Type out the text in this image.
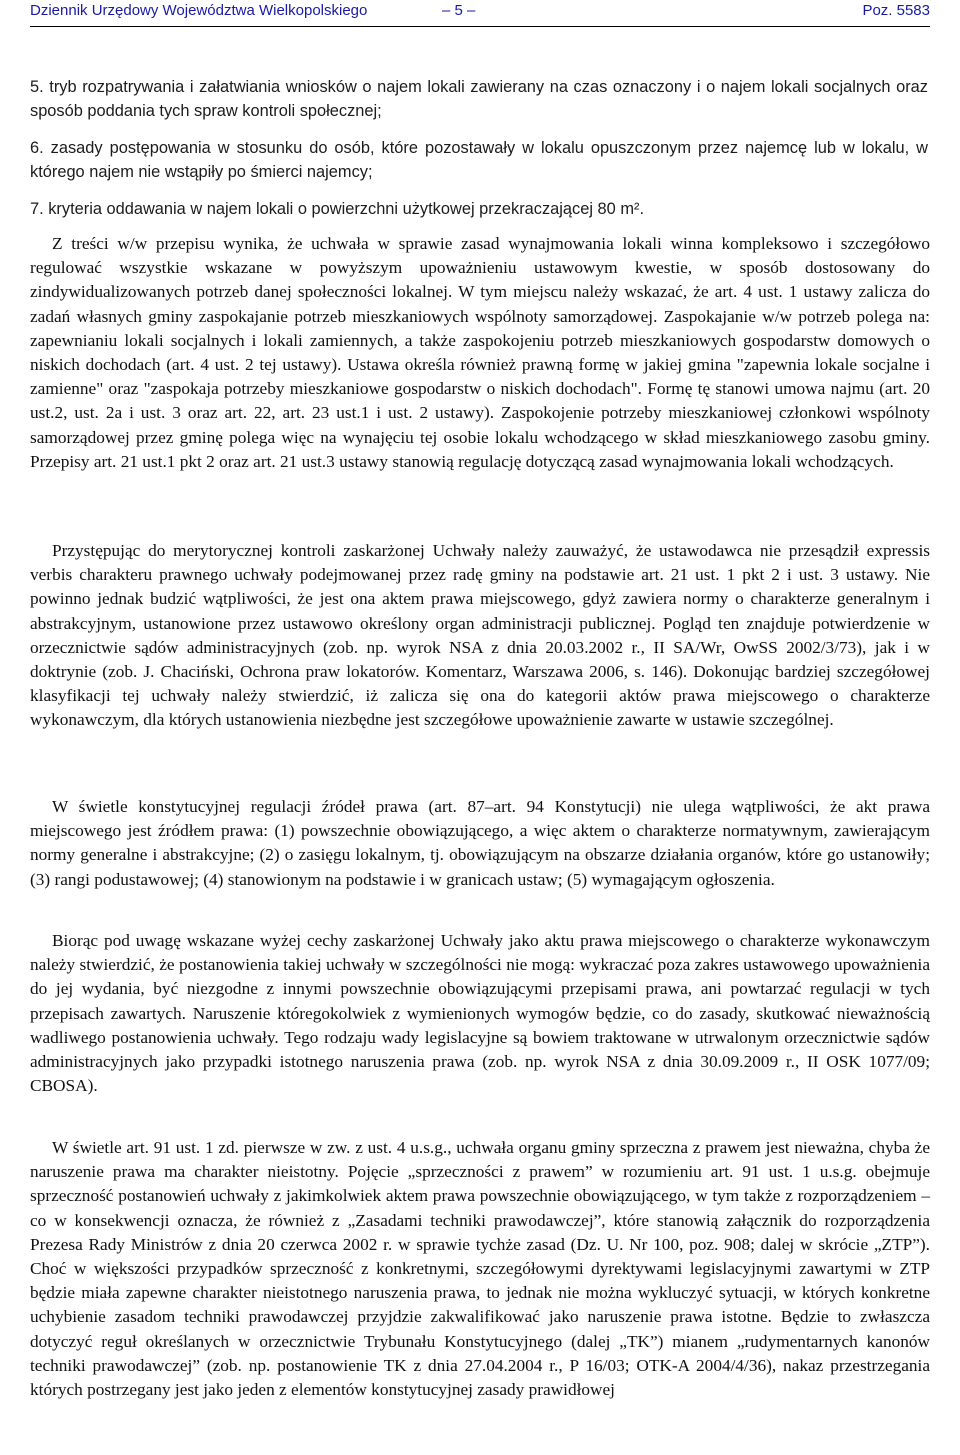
Dziennik Urzędowy Województwa Wielkopolskiego	– 5 –	Poz. 5583

5. tryb rozpatrywania i załatwiania wniosków o najem lokali zawierany na czas oznaczony i o najem lokali socjalnych oraz sposób poddania tych spraw kontroli społecznej;

6. zasady postępowania w stosunku do osób, które pozostawały w lokalu opuszczonym przez najemcę lub w lokalu, w którego najem nie wstąpiły po śmierci najemcy;

7. kryteria oddawania w najem lokali o powierzchni użytkowej przekraczającej 80 m².

Z treści w/w przepisu wynika, że uchwała w sprawie zasad wynajmowania lokali winna kompleksowo i szczegółowo regulować wszystkie wskazane w powyższym upoważnieniu ustawowym kwestie, w sposób dostosowany do zindywidualizowanych potrzeb danej społeczności lokalnej. W tym miejscu należy wskazać, że art. 4 ust. 1 ustawy zalicza do zadań własnych gminy zaspokajanie potrzeb mieszkaniowych wspólnoty samorządowej. Zaspokajanie w/w potrzeb polega na: zapewnianiu lokali socjalnych i lokali zamiennych, a także zaspokojeniu potrzeb mieszkaniowych gospodarstw domowych o niskich dochodach (art. 4 ust. 2 tej ustawy). Ustawa określa również prawną formę w jakiej gmina "zapewnia lokale socjalne i zamienne" oraz "zaspokaja potrzeby mieszkaniowe gospodarstw o niskich dochodach". Formę tę stanowi umowa najmu (art. 20 ust.2, ust. 2a i ust. 3 oraz art. 22, art. 23 ust.1 i ust. 2 ustawy). Zaspokojenie potrzeby mieszkaniowej członkowi wspólnoty samorządowej przez gminę polega więc na wynajęciu tej osobie lokalu wchodzącego w skład mieszkaniowego zasobu gminy. Przepisy art. 21 ust.1 pkt 2 oraz art. 21 ust.3 ustawy stanowią regulację dotyczącą zasad wynajmowania lokali wchodzących.

Przystępując do merytorycznej kontroli zaskarżonej Uchwały należy zauważyć, że ustawodawca nie przesądził expressis verbis charakteru prawnego uchwały podejmowanej przez radę gminy na podstawie art. 21 ust. 1 pkt 2 i ust. 3 ustawy. Nie powinno jednak budzić wątpliwości, że jest ona aktem prawa miejscowego, gdyż zawiera normy o charakterze generalnym i abstrakcyjnym, ustanowione przez ustawowo określony organ administracji publicznej. Pogląd ten znajduje potwierdzenie w orzecznictwie sądów administracyjnych (zob. np. wyrok NSA z dnia 20.03.2002 r., II SA/Wr, OwSS 2002/3/73), jak i w doktrynie (zob. J. Chaciński, Ochrona praw lokatorów. Komentarz, Warszawa 2006, s. 146). Dokonując bardziej szczegółowej klasyfikacji tej uchwały należy stwierdzić, iż zalicza się ona do kategorii aktów prawa miejscowego o charakterze wykonawczym, dla których ustanowienia niezbędne jest szczegółowe upoważnienie zawarte w ustawie szczególnej.

W świetle konstytucyjnej regulacji źródeł prawa (art. 87–art. 94 Konstytucji) nie ulega wątpliwości, że akt prawa miejscowego jest źródłem prawa: (1) powszechnie obowiązującego, a więc aktem o charakterze normatywnym, zawierającym normy generalne i abstrakcyjne; (2) o zasięgu lokalnym, tj. obowiązującym na obszarze działania organów, które go ustanowiły; (3) rangi podustawowej; (4) stanowionym na podstawie i w granicach ustaw; (5) wymagającym ogłoszenia.

Biorąc pod uwagę wskazane wyżej cechy zaskarżonej Uchwały jako aktu prawa miejscowego o charakterze wykonawczym należy stwierdzić, że postanowienia takiej uchwały w szczególności nie mogą: wykraczać poza zakres ustawowego upoważnienia do jej wydania, być niezgodne z innymi powszechnie obowiązującymi przepisami prawa, ani powtarzać regulacji w tych przepisach zawartych. Naruszenie któregokolwiek z wymienionych wymogów będzie, co do zasady, skutkować nieważnością wadliwego postanowienia uchwały. Tego rodzaju wady legislacyjne są bowiem traktowane w utrwalonym orzecznictwie sądów administracyjnych jako przypadki istotnego naruszenia prawa (zob. np. wyrok NSA z dnia 30.09.2009 r., II OSK 1077/09; CBOSA).

W świetle art. 91 ust. 1 zd. pierwsze w zw. z ust. 4 u.s.g., uchwała organu gminy sprzeczna z prawem jest nieważna, chyba że naruszenie prawa ma charakter nieistotny. Pojęcie „sprzeczności z prawem” w rozumieniu art. 91 ust. 1 u.s.g. obejmuje sprzeczność postanowień uchwały z jakimkolwiek aktem prawa powszechnie obowiązującego, w tym także z rozporządzeniem – co w konsekwencji oznacza, że również z „Zasadami techniki prawodawczej”, które stanowią załącznik do rozporządzenia Prezesa Rady Ministrów z dnia 20 czerwca 2002 r. w sprawie tychże zasad (Dz. U. Nr 100, poz. 908; dalej w skrócie „ZTP”). Choć w większości przypadków sprzeczność z konkretnymi, szczegółowymi dyrektywami legislacyjnymi zawartymi w ZTP będzie miała zapewne charakter nieistotnego naruszenia prawa, to jednak nie można wykluczyć sytuacji, w których konkretne uchybienie zasadom techniki prawodawczej przyjdzie zakwalifikować jako naruszenie prawa istotne. Będzie to zwłaszcza dotyczyć reguł określanych w orzecznictwie Trybunału Konstytucyjnego (dalej „TK”) mianem „rudymentarnych kanonów techniki prawodawczej” (zob. np. postanowienie TK z dnia 27.04.2004 r., P 16/03; OTK-A 2004/4/36), nakaz przestrzegania których postrzegany jest jako jeden z elementów konstytucyjnej zasady prawidłowej
